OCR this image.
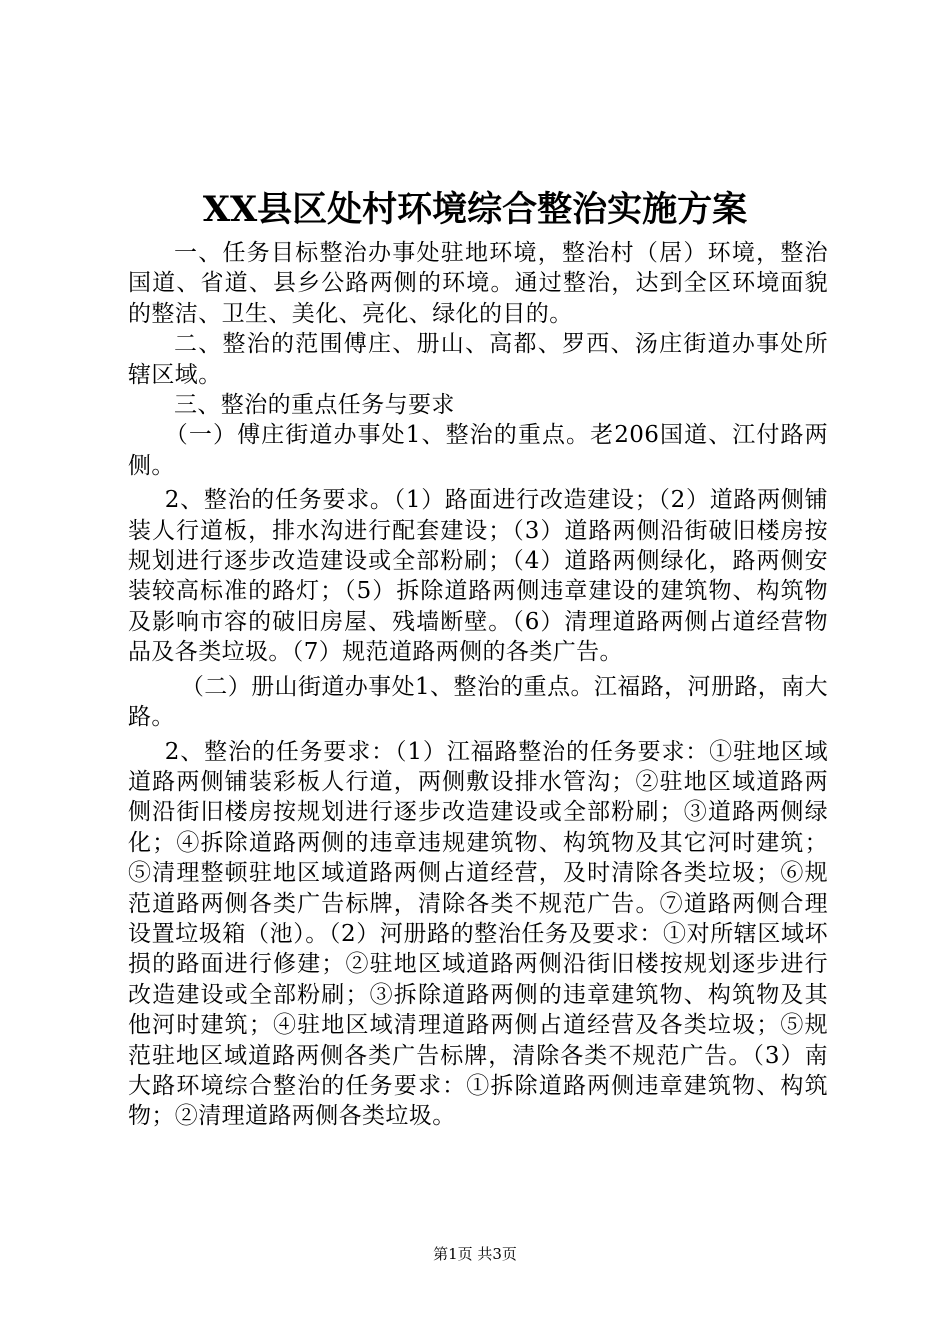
XX县区处村环境综合整治实施方案

一、任务目标整治办事处驻地环境，整治村（居）环境，整治国道、省道、县乡公路两侧的环境。通过整治，达到全区环境面貌的整洁、卫生、美化、亮化、绿化的目的。

二、整治的范围傅庄、册山、高都、罗西、汤庄街道办事处所辖区域。

三、整治的重点任务与要求

（一）傅庄街道办事处1、整治的重点。老206国道、江付路两侧。

2、整治的任务要求。（1）路面进行改造建设；（2）道路两侧铺装人行道板，排水沟进行配套建设；（3）道路两侧沿街破旧楼房按规划进行逐步改造建设或全部粉刷；（4）道路两侧绿化，路两侧安装较高标准的路灯；（5）拆除道路两侧违章建设的建筑物、构筑物及影响市容的破旧房屋、残墙断壁。（6）清理道路两侧占道经营物品及各类垃圾。（7）规范道路两侧的各类广告。

（二）册山街道办事处1、整治的重点。江福路，河册路，南大路。

2、整治的任务要求：（1）江福路整治的任务要求：①驻地区域道路两侧铺装彩板人行道，两侧敷设排水管沟；②驻地区域道路两侧沿街旧楼房按规划进行逐步改造建设或全部粉刷；③道路两侧绿化；④拆除道路两侧的违章违规建筑物、构筑物及其它河时建筑；⑤清理整顿驻地区域道路两侧占道经营，及时清除各类垃圾；⑥规范道路两侧各类广告标牌，清除各类不规范广告。⑦道路两侧合理设置垃圾箱（池）。（2）河册路的整治任务及要求：①对所辖区域坏损的路面进行修建；②驻地区域道路两侧沿街旧楼按规划逐步进行改造建设或全部粉刷；③拆除道路两侧的违章建筑物、构筑物及其他河时建筑；④驻地区域清理道路两侧占道经营及各类垃圾；⑤规范驻地区域道路两侧各类广告标牌，清除各类不规范广告。（3）南大路环境综合整治的任务要求：①拆除道路两侧违章建筑物、构筑物；②清理道路两侧各类垃圾。

第1页 共3页
